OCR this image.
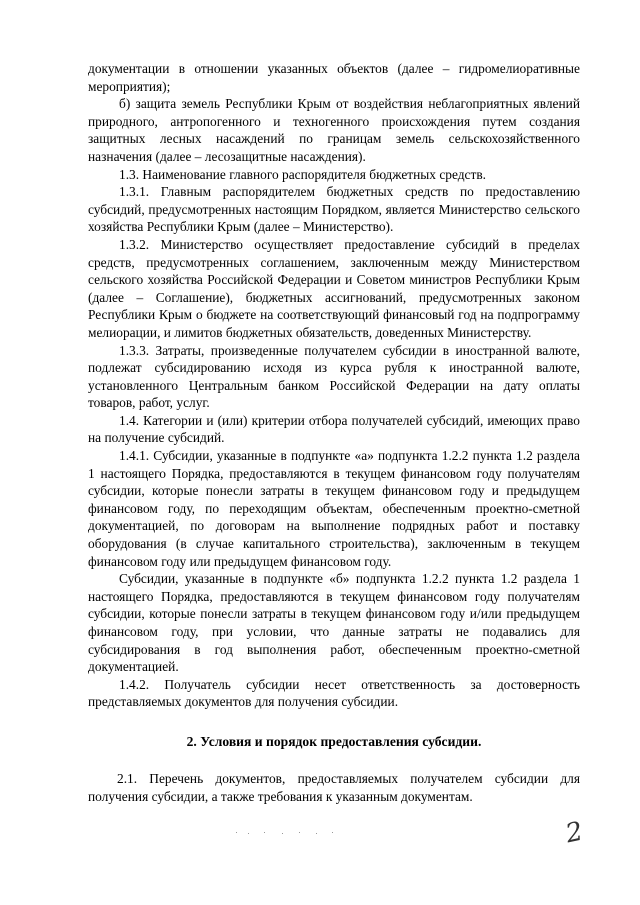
документации в отношении указанных объектов (далее – гидромелиоративные мероприятия);

б) защита земель Республики Крым от воздействия неблагоприятных явлений природного, антропогенного и техногенного происхождения путем создания защитных лесных насаждений по границам земель сельскохозяйственного назначения (далее – лесозащитные насаждения).

1.3. Наименование главного распорядителя бюджетных средств.

1.3.1. Главным распорядителем бюджетных средств по предоставлению субсидий, предусмотренных настоящим Порядком, является Министерство сельского хозяйства Республики Крым (далее – Министерство).

1.3.2. Министерство осуществляет предоставление субсидий в пределах средств, предусмотренных соглашением, заключенным между Министерством сельского хозяйства Российской Федерации и Советом министров Республики Крым (далее – Соглашение), бюджетных ассигнований, предусмотренных законом Республики Крым о бюджете на соответствующий финансовый год на подпрограмму мелиорации, и лимитов бюджетных обязательств, доведенных Министерству.

1.3.3. Затраты, произведенные получателем субсидии в иностранной валюте, подлежат субсидированию исходя из курса рубля к иностранной валюте, установленного Центральным банком Российской Федерации на дату оплаты товаров, работ, услуг.

1.4. Категории и (или) критерии отбора получателей субсидий, имеющих право на получение субсидий.

1.4.1. Субсидии, указанные в подпункте «а» подпункта 1.2.2 пункта 1.2 раздела 1 настоящего Порядка, предоставляются в текущем финансовом году получателям субсидии, которые понесли затраты в текущем финансовом году и предыдущем финансовом году, по переходящим объектам, обеспеченным проектно-сметной документацией, по договорам на выполнение подрядных работ и поставку оборудования (в случае капитального строительства), заключенным в текущем финансовом году или предыдущем финансовом году.

Субсидии, указанные в подпункте «б» подпункта 1.2.2 пункта 1.2 раздела 1 настоящего Порядка, предоставляются в текущем финансовом году получателям субсидии, которые понесли затраты в текущем финансовом году и/или предыдущем финансовом году, при условии, что данные затраты не подавались для субсидирования в год выполнения работ, обеспеченным проектно-сметной документацией.

1.4.2. Получатель субсидии несет ответственность за достоверность представляемых документов для получения субсидии.

2. Условия и порядок предоставления субсидии.

2.1. Перечень документов, предоставляемых получателем субсидии для получения субсидии, а также требования к указанным документам.

2
